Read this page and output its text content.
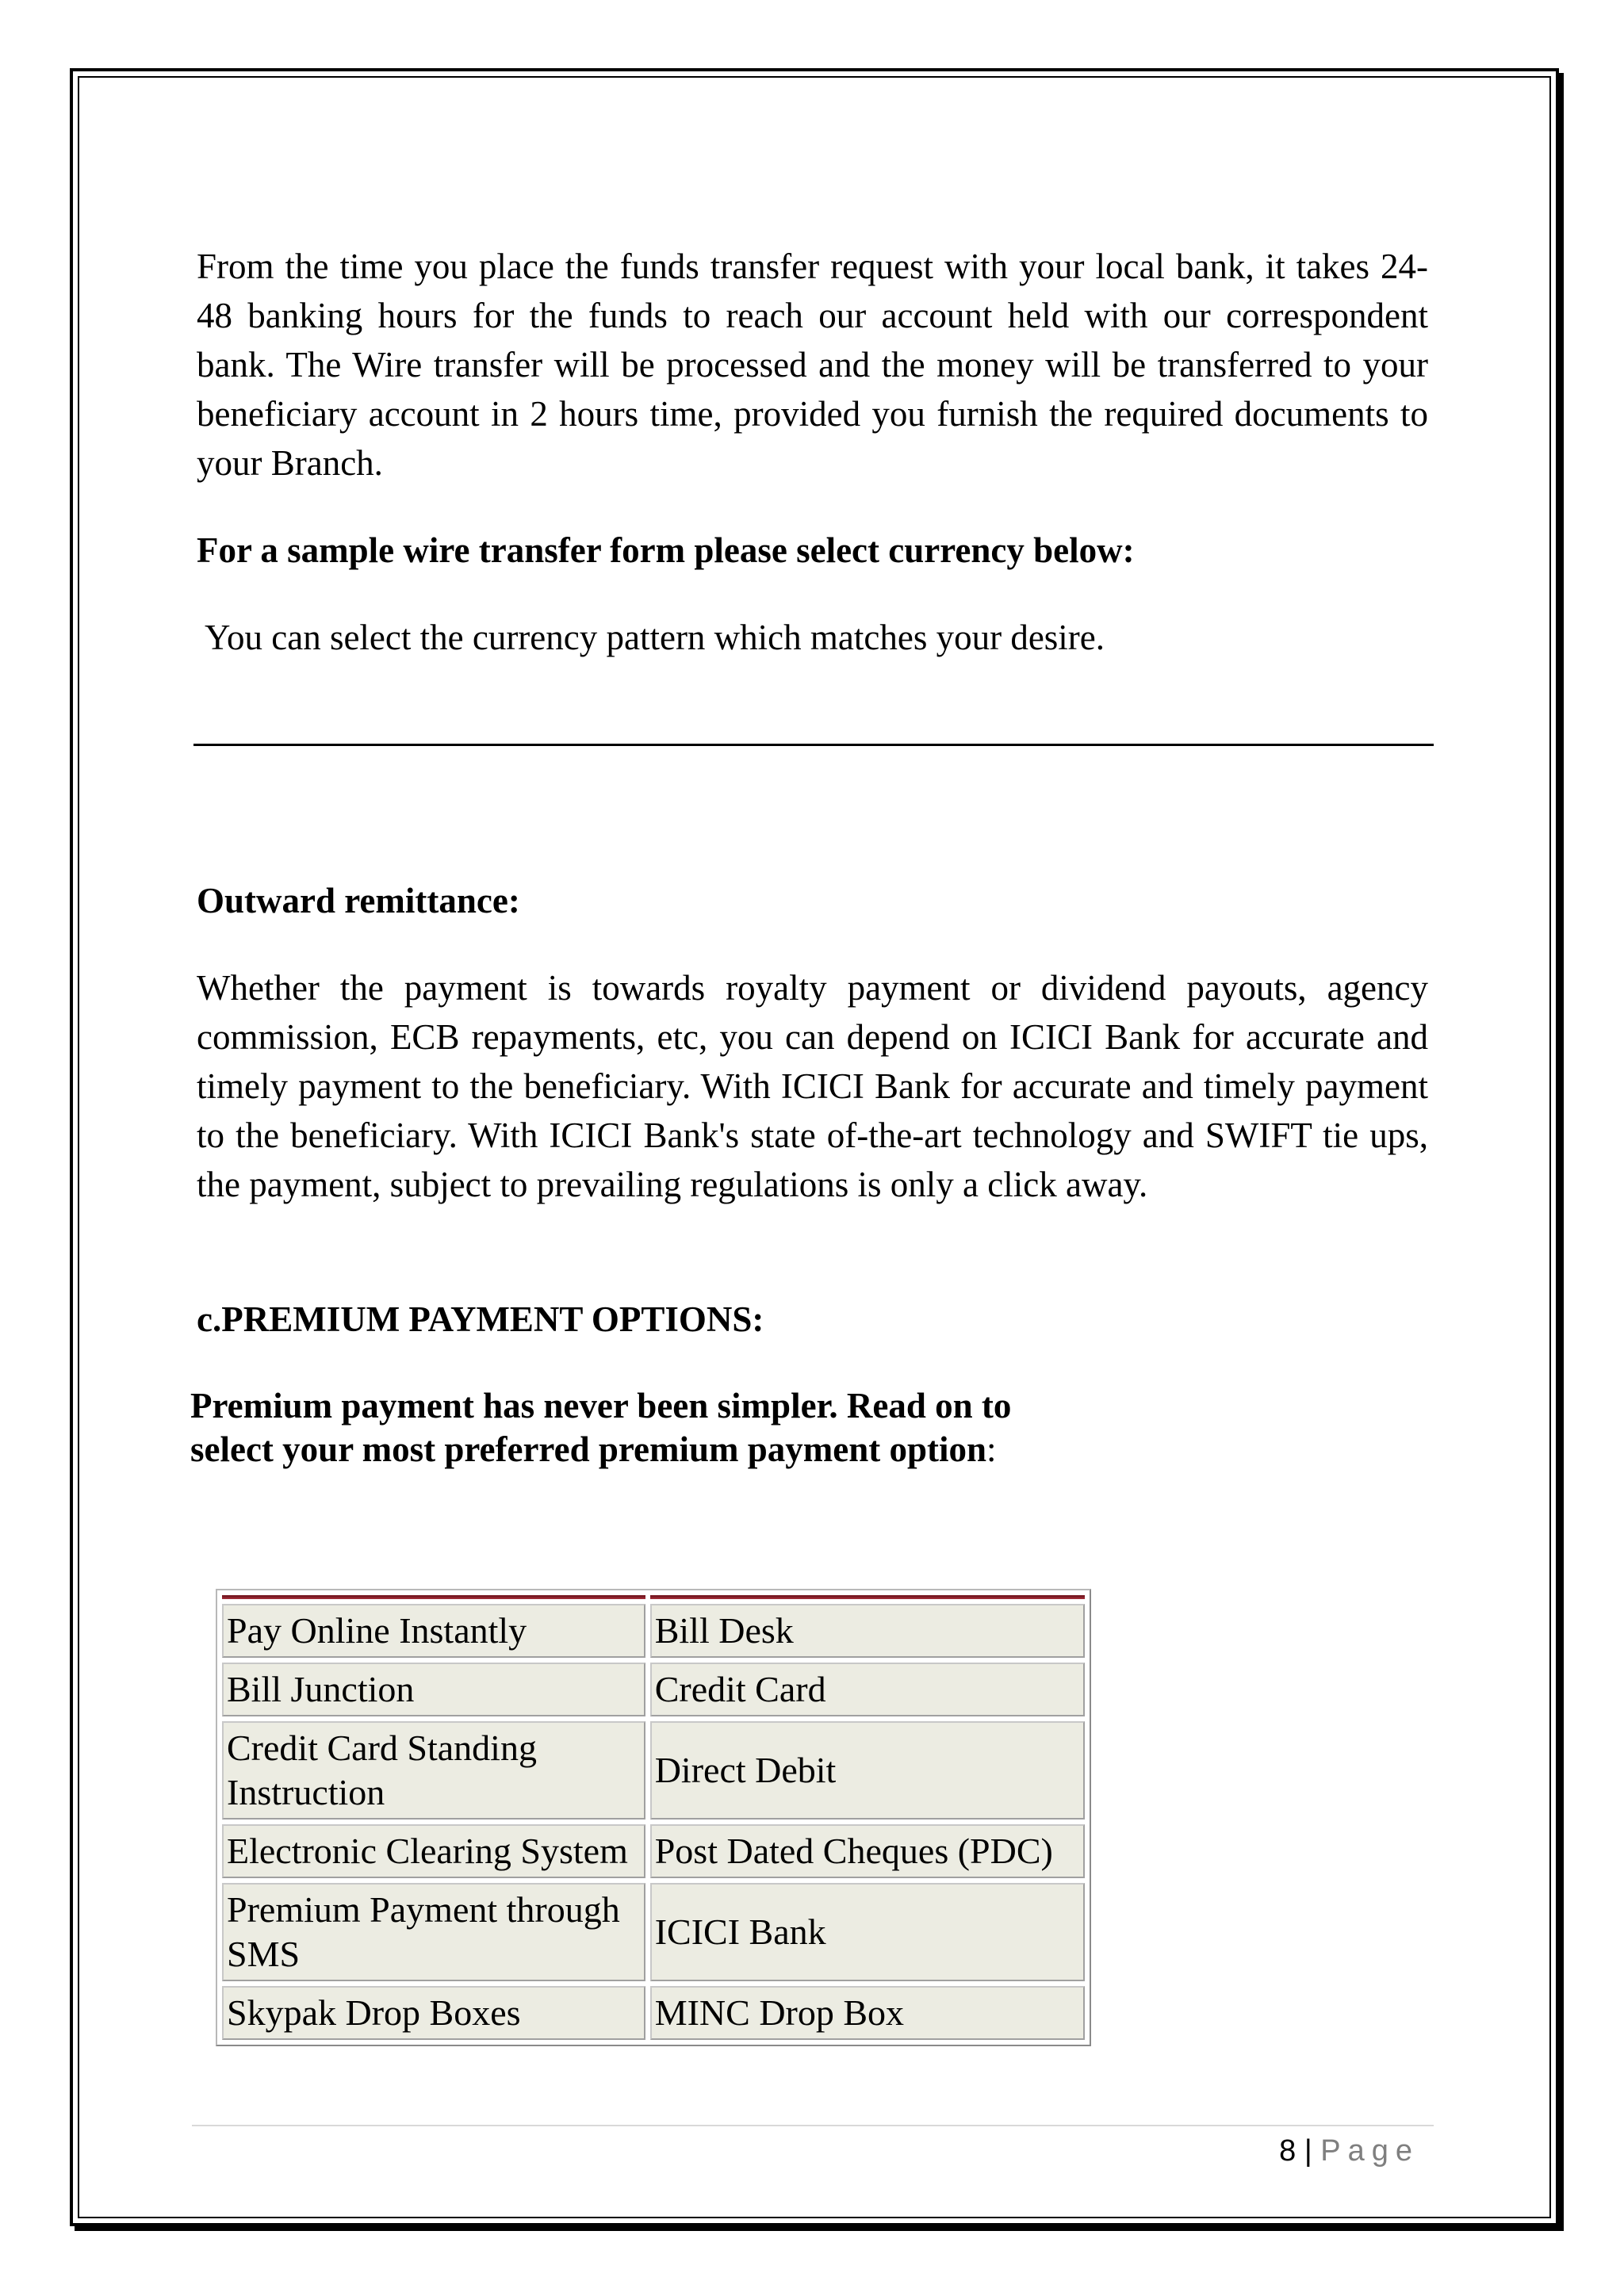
From the time you place the funds transfer request with your local bank, it takes 24-48 banking hours for the funds to reach our account held with our correspondent bank. The Wire transfer will be processed and the money will be transferred to your beneficiary account in 2 hours time, provided you furnish the required documents to your Branch.

For a sample wire transfer form please select currency below:

You can select the currency pattern which matches your desire.

Outward remittance:

Whether the payment is towards royalty payment or dividend payouts, agency commission, ECB repayments, etc, you can depend on ICICI Bank for accurate and timely payment to the beneficiary. With ICICI Bank for accurate and timely payment to the beneficiary. With ICICI Bank's state of-the-art technology and SWIFT tie ups, the payment, subject to prevailing regulations is only a click away.

c.PREMIUM PAYMENT OPTIONS:

Premium payment has never been simpler. Read on to
select your most preferred premium payment option:

Pay Online Instantly	Bill Desk
Bill Junction	Credit Card
Credit Card Standing Instruction	Direct Debit
Electronic Clearing System	Post Dated Cheques (PDC)
Premium Payment through SMS	ICICI Bank
Skypak Drop Boxes	MINC Drop Box
8 | Page
